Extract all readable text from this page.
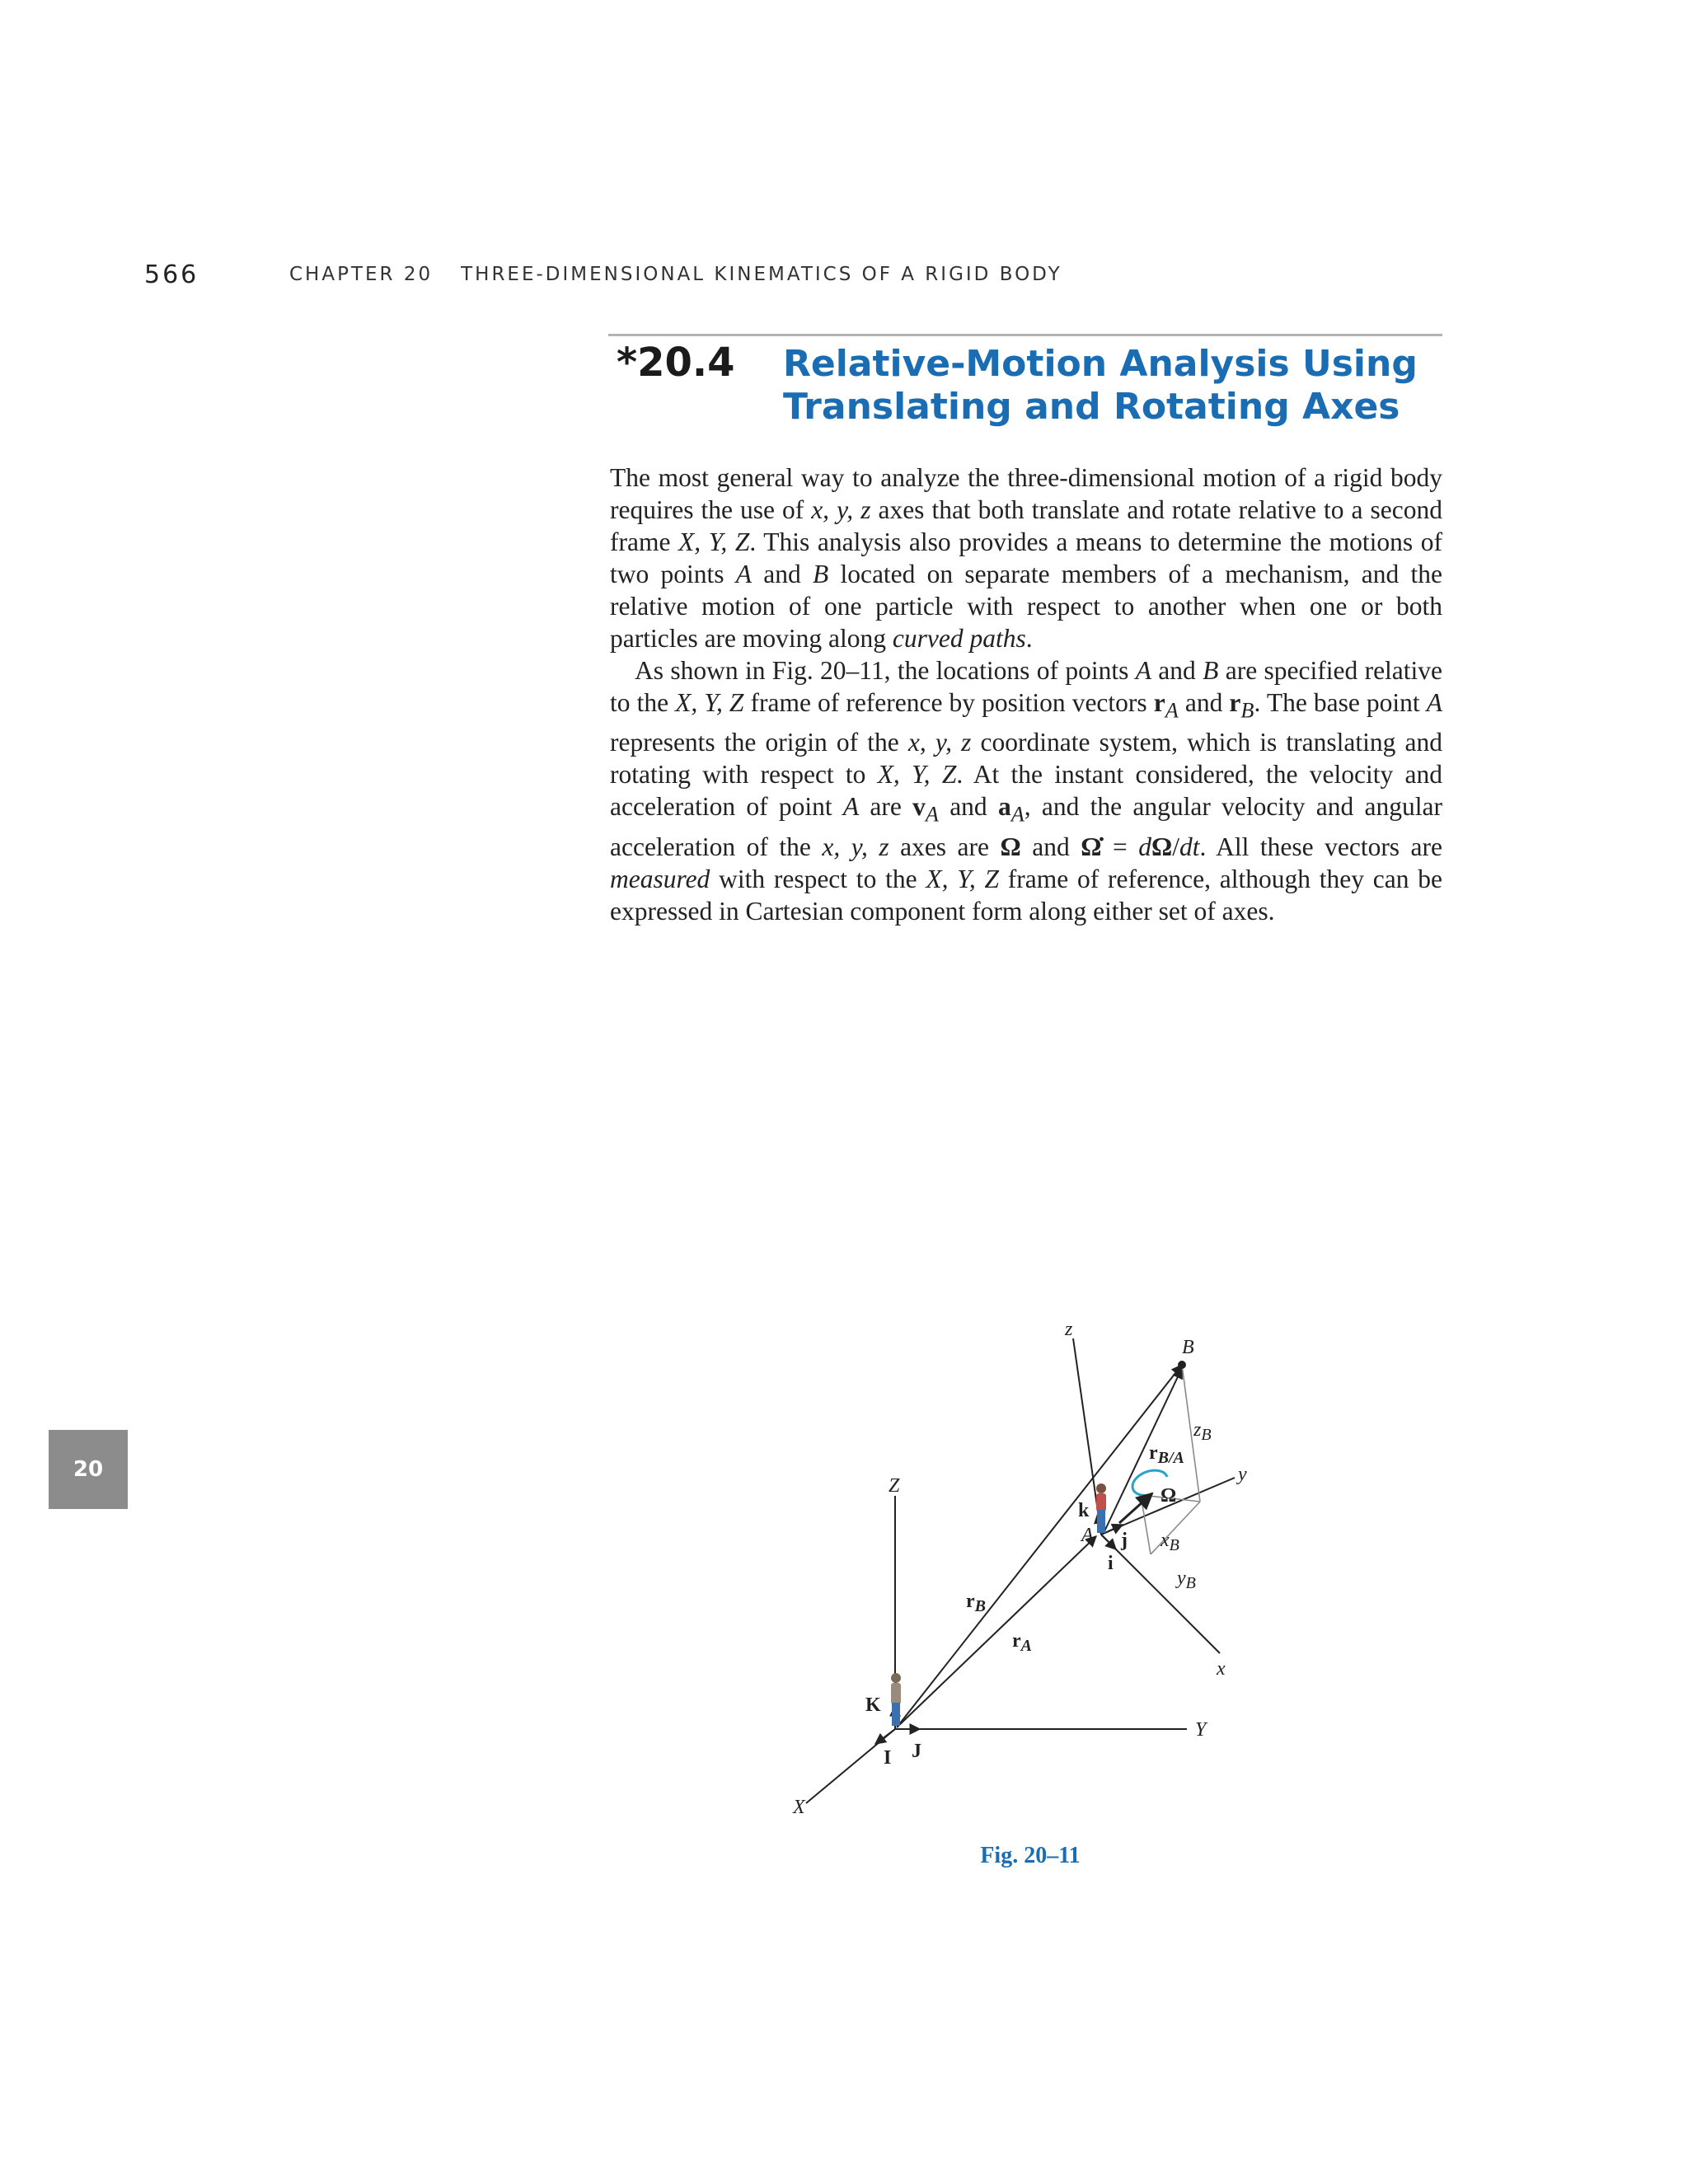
566	CHAPTER 20 THREE-DIMENSIONAL KINEMATICS OF A RIGID BODY
*20.4 Relative-Motion Analysis Using
Translating and Rotating Axes

The most general way to analyze the three-dimensional motion of a rigid body requires the use of x, y, z axes that both translate and rotate relative to a second frame X, Y, Z. This analysis also provides a means to determine the motions of two points A and B located on separate members of a mechanism, and the relative motion of one particle with respect to another when one or both particles are moving along curved paths.

As shown in Fig. 20–11, the locations of points A and B are specified relative to the X, Y, Z frame of reference by position vectors $r_A$ and $r_B$. The base point A represents the origin of the x, y, z coordinate system, which is translating and rotating with respect to X, Y, Z. At the instant considered, the velocity and acceleration of point A are $v_A$ and $a_A$, and the angular velocity and angular acceleration of the x, y, z axes are Ω and Ω̇ = dΩ/dt. All these vectors are measured with respect to the X, Y, Z frame of reference, although they can be expressed in Cartesian component form along either set of axes.

20
Z
Y
X
z
y
x
B
A
K
I J
k
i
j
Ω
$r_B$
$r_A$
$r_{B/A}$
$z_B$
$x_B$
$y_B$
Fig. 20–11
